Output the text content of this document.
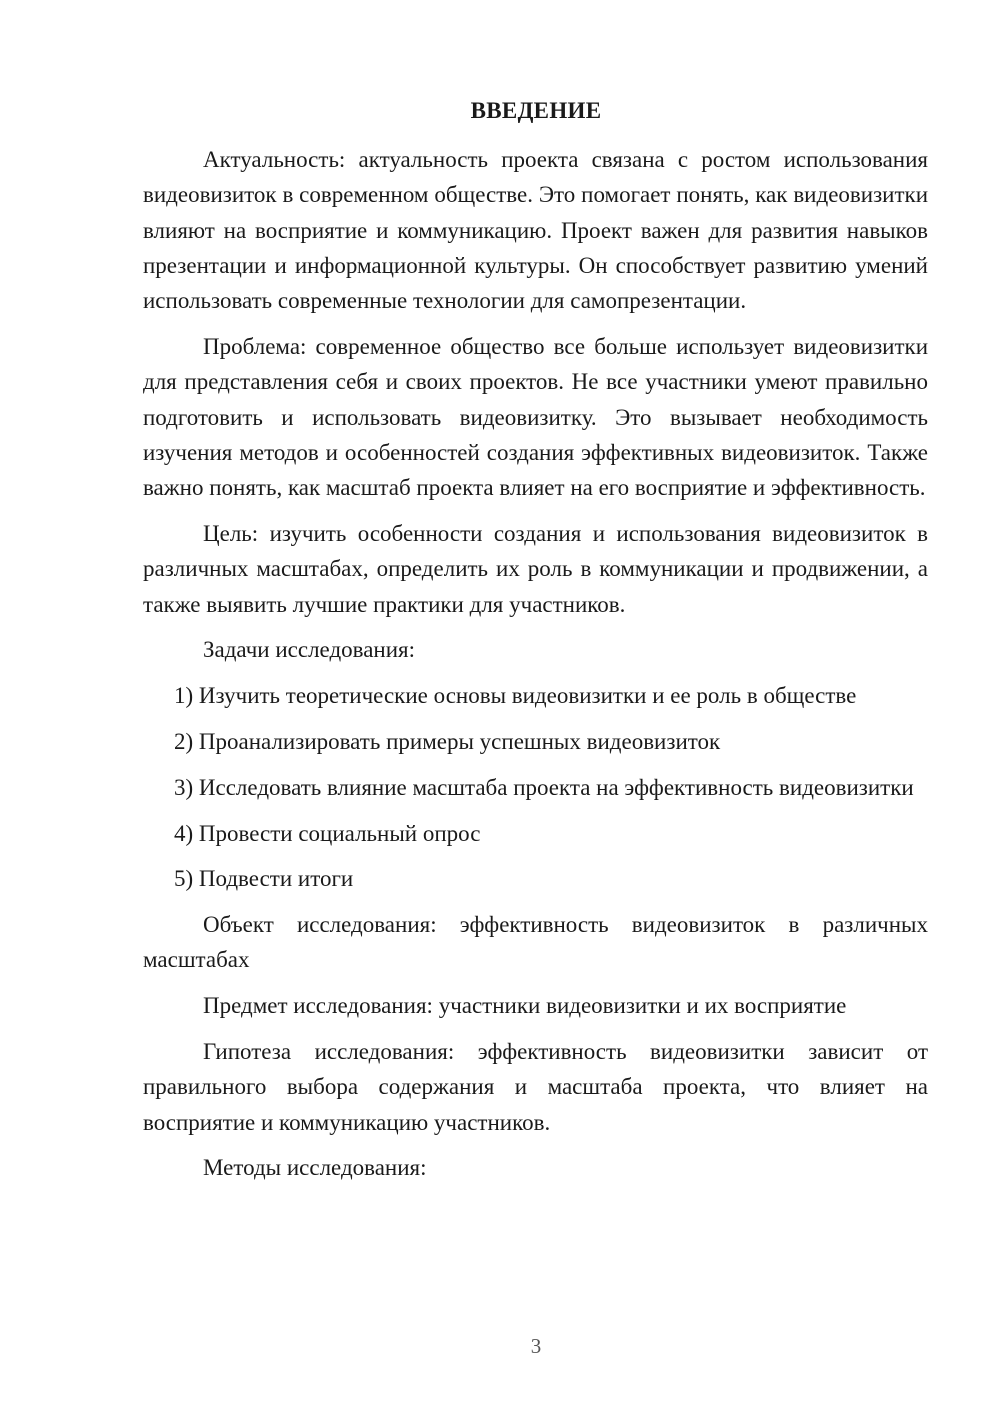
ВВЕДЕНИЕ

Актуальность: актуальность проекта связана с ростом использования видеовизиток в современном обществе. Это помогает понять, как видеовизитки влияют на восприятие и коммуникацию. Проект важен для развития навыков презентации и информационной культуры. Он способствует развитию умений использовать современные технологии для самопрезентации.

Проблема: современное общество все больше использует видеовизитки для представления себя и своих проектов. Не все участники умеют правильно подготовить и использовать видеовизитку. Это вызывает необходимость изучения методов и особенностей создания эффективных видеовизиток. Также важно понять, как масштаб проекта влияет на его восприятие и эффективность.

Цель: изучить особенности создания и использования видеовизиток в различных масштабах, определить их роль в коммуникации и продвижении, а также выявить лучшие практики для участников.

Задачи исследования:

1) Изучить теоретические основы видеовизитки и ее роль в обществе

2) Проанализировать примеры успешных видеовизиток

3) Исследовать влияние масштаба проекта на эффективность видеовизитки

4) Провести социальный опрос

5) Подвести итоги

Объект исследования: эффективность видеовизиток в различных масштабах

Предмет исследования: участники видеовизитки и их восприятие

Гипотеза исследования: эффективность видеовизитки зависит от правильного выбора содержания и масштаба проекта, что влияет на восприятие и коммуникацию участников.

Методы исследования:

3
